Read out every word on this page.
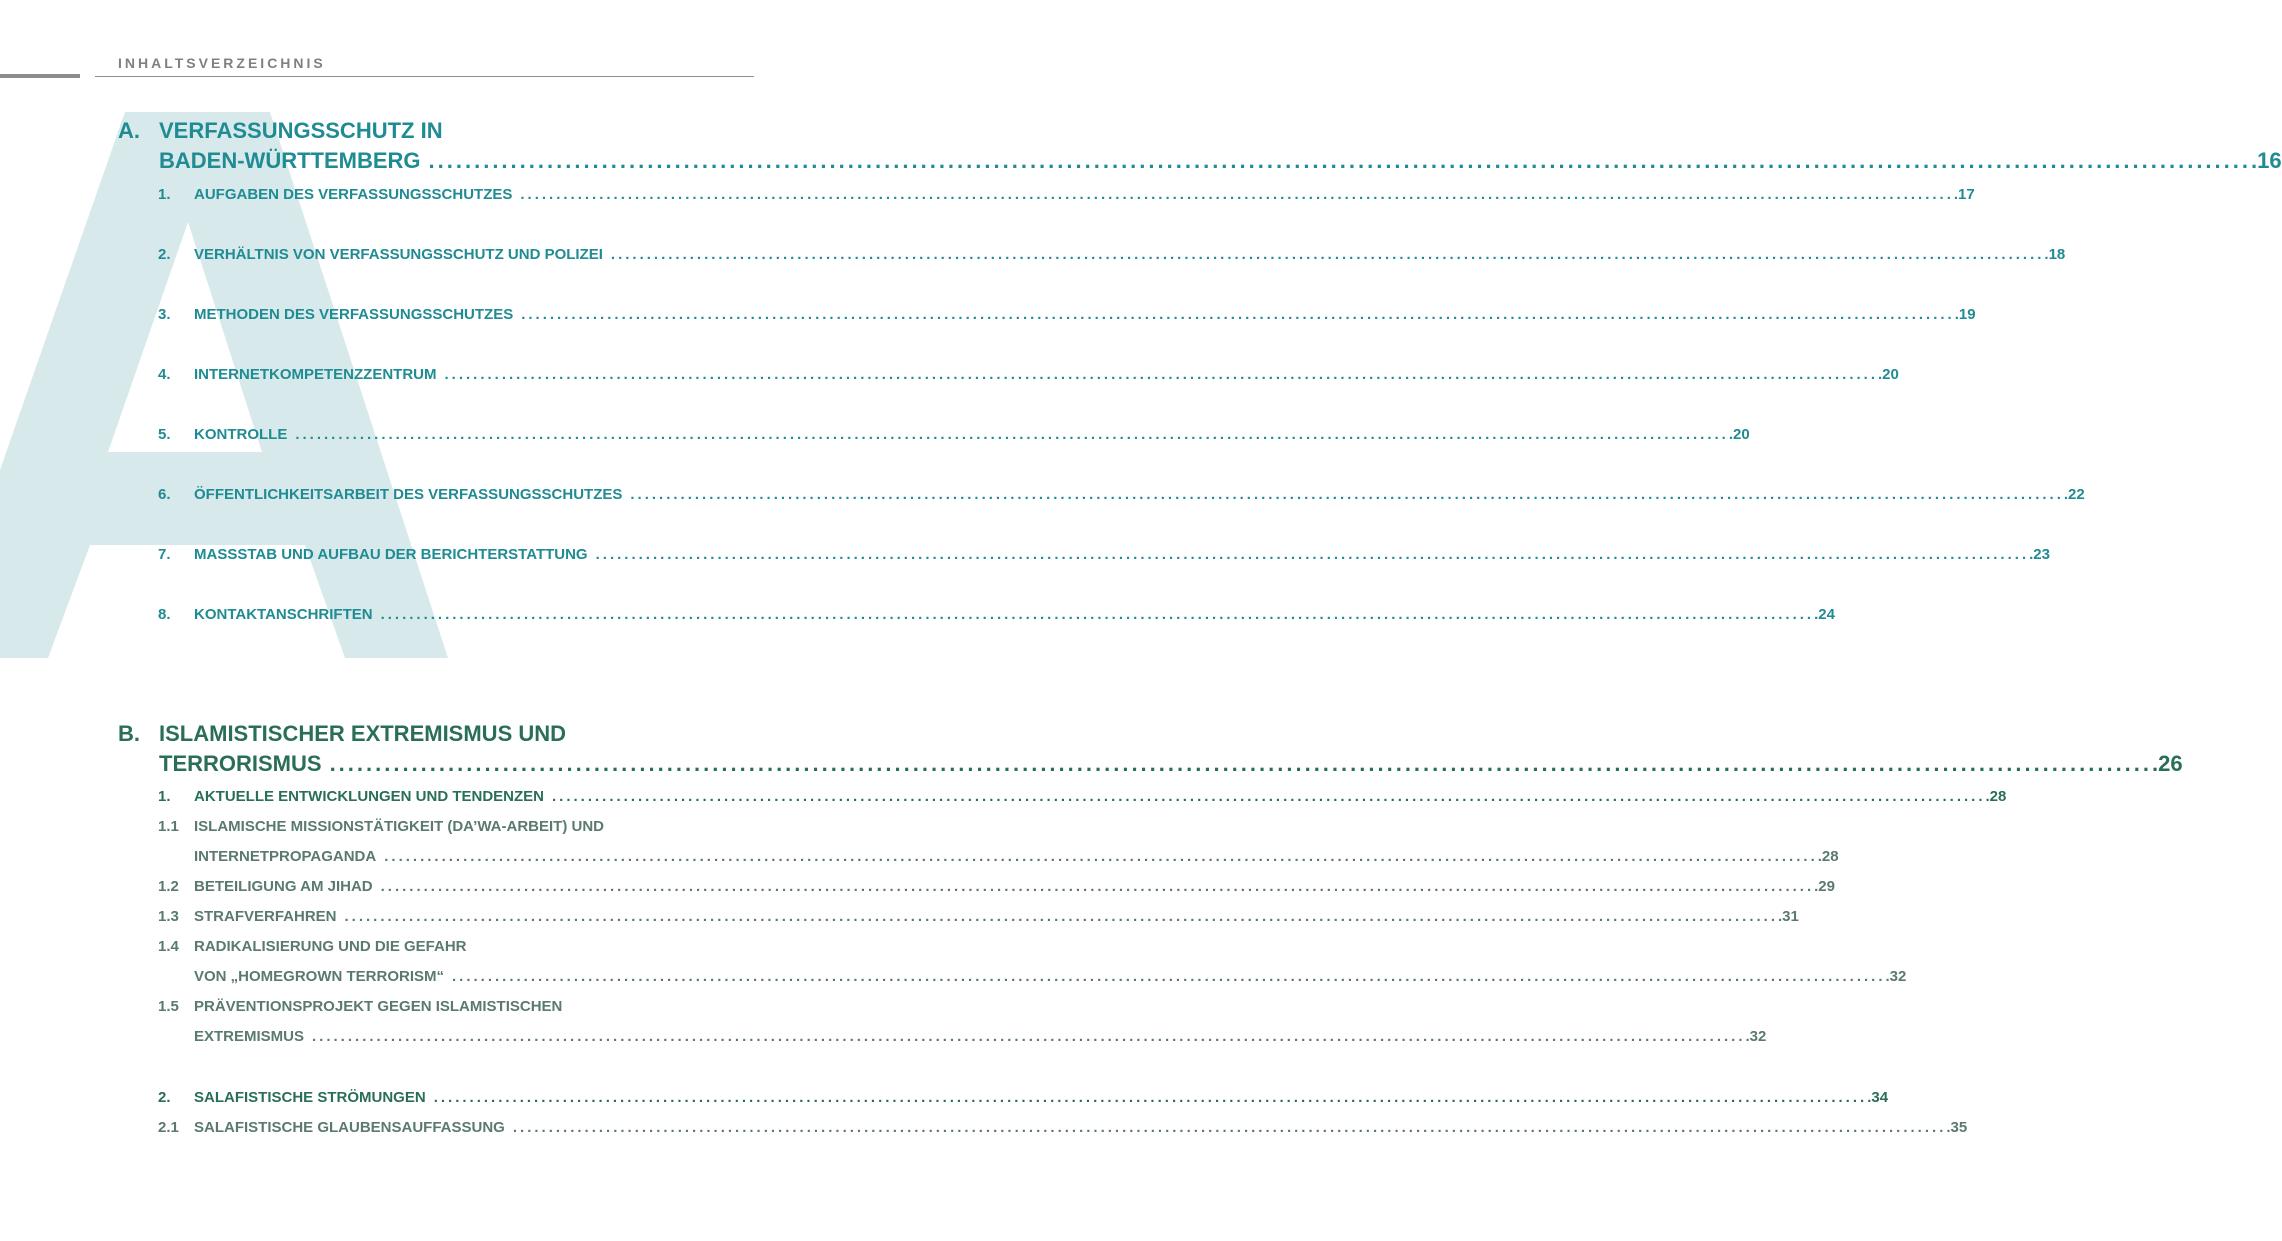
INHALTSVERZEICHNIS
A. VERFASSUNGSSCHUTZ IN
BADEN-WÜRTTEMBERG ........................................................................................................................................................................................................ .16
1. AUFGABEN DES VERFASSUNGSSCHUTZES ........................................................................................................................................................................................................ .17
2. VERHÄLTNIS VON VERFASSUNGSSCHUTZ UND POLIZEI ........................................................................................................................................................................................................ .18
3. METHODEN DES VERFASSUNGSSCHUTZES ........................................................................................................................................................................................................ .19
4. INTERNETKOMPETENZZENTRUM ........................................................................................................................................................................................................ .20
5. KONTROLLE ........................................................................................................................................................................................................ .20
6. ÖFFENTLICHKEITSARBEIT DES VERFASSUNGSSCHUTZES ........................................................................................................................................................................................................ .22
7. MASSSTAB UND AUFBAU DER BERICHTERSTATTUNG ........................................................................................................................................................................................................ .23
8. KONTAKTANSCHRIFTEN ........................................................................................................................................................................................................ .24
B. ISLAMISTISCHER EXTREMISMUS UND
TERRORISMUS ........................................................................................................................................................................................................ .26
1. AKTUELLE ENTWICKLUNGEN UND TENDENZEN ........................................................................................................................................................................................................ .28
1.1 ISLAMISCHE MISSIONSTÄTIGKEIT (DA’WA-ARBEIT) UND
INTERNETPROPAGANDA ........................................................................................................................................................................................................ .28
1.2 BETEILIGUNG AM JIHAD ........................................................................................................................................................................................................ .29
1.3 STRAFVERFAHREN ........................................................................................................................................................................................................ .31
1.4 RADIKALISIERUNG UND DIE GEFAHR
VON „HOMEGROWN TERRORISM“ ........................................................................................................................................................................................................ .32
1.5 PRÄVENTIONSPROJEKT GEGEN ISLAMISTISCHEN
EXTREMISMUS ........................................................................................................................................................................................................ .32
2. SALAFISTISCHE STRÖMUNGEN ........................................................................................................................................................................................................ .34
2.1 SALAFISTISCHE GLAUBENSAUFFASSUNG ........................................................................................................................................................................................................ .35
